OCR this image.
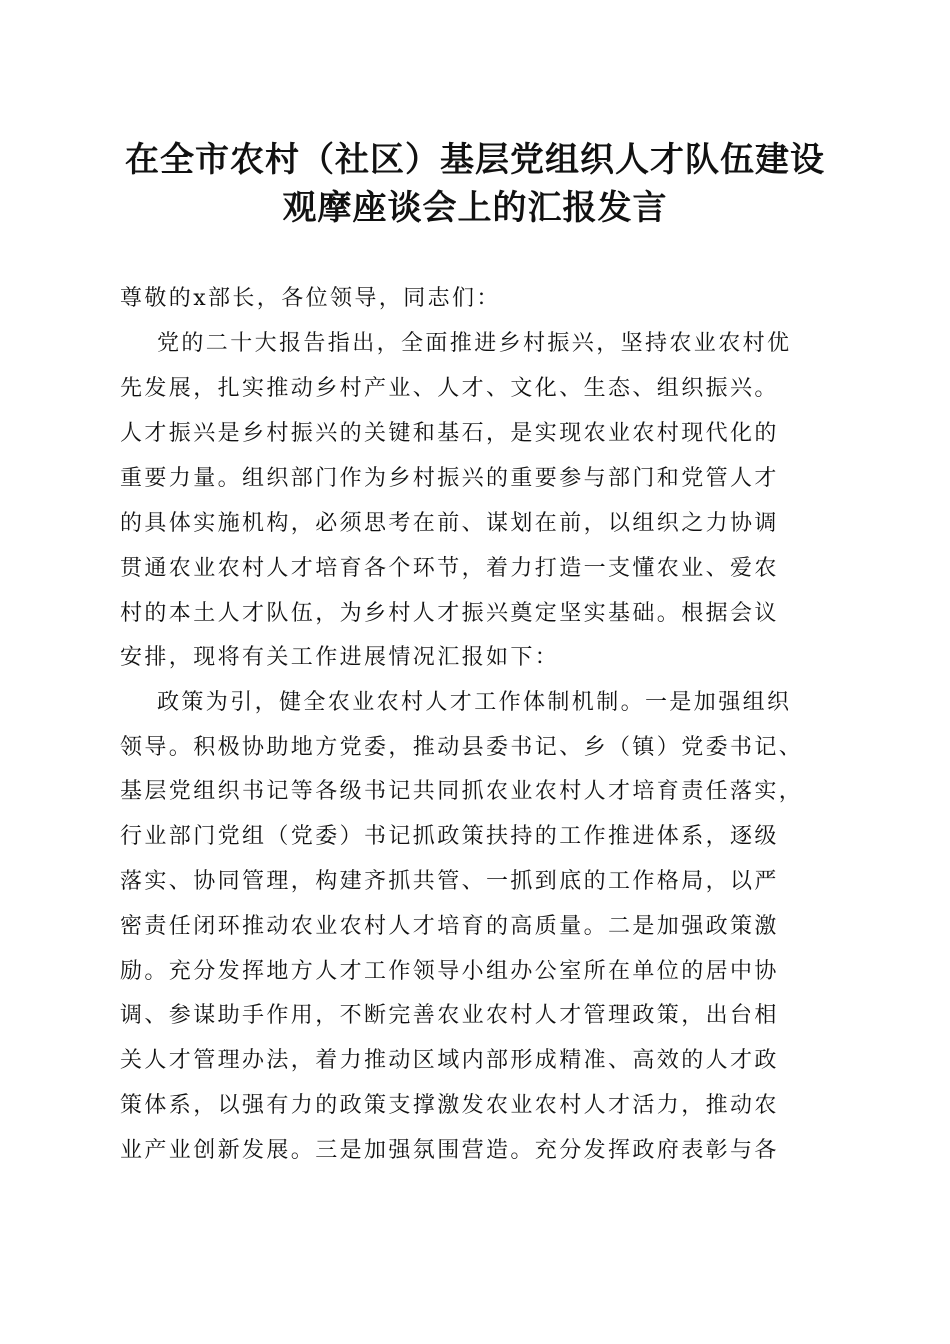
在全市农村（社区）基层党组织人才队伍建设
观摩座谈会上的汇报发言
尊敬的x部长，各位领导，同志们：
党的二十大报告指出，全面推进乡村振兴，坚持农业农村优
先发展，扎实推动乡村产业、人才、文化、生态、组织振兴。
人才振兴是乡村振兴的关键和基石，是实现农业农村现代化的
重要力量。组织部门作为乡村振兴的重要参与部门和党管人才
的具体实施机构，必须思考在前、谋划在前，以组织之力协调
贯通农业农村人才培育各个环节，着力打造一支懂农业、爱农
村的本土人才队伍，为乡村人才振兴奠定坚实基础。根据会议
安排，现将有关工作进展情况汇报如下：
政策为引，健全农业农村人才工作体制机制。一是加强组织
领导。积极协助地方党委，推动县委书记、乡（镇）党委书记、
基层党组织书记等各级书记共同抓农业农村人才培育责任落实，
行业部门党组（党委）书记抓政策扶持的工作推进体系，逐级
落实、协同管理，构建齐抓共管、一抓到底的工作格局，以严
密责任闭环推动农业农村人才培育的高质量。二是加强政策激
励。充分发挥地方人才工作领导小组办公室所在单位的居中协
调、参谋助手作用，不断完善农业农村人才管理政策，出台相
关人才管理办法，着力推动区域内部形成精准、高效的人才政
策体系，以强有力的政策支撑激发农业农村人才活力，推动农
业产业创新发展。三是加强氛围营造。充分发挥政府表彰与各
